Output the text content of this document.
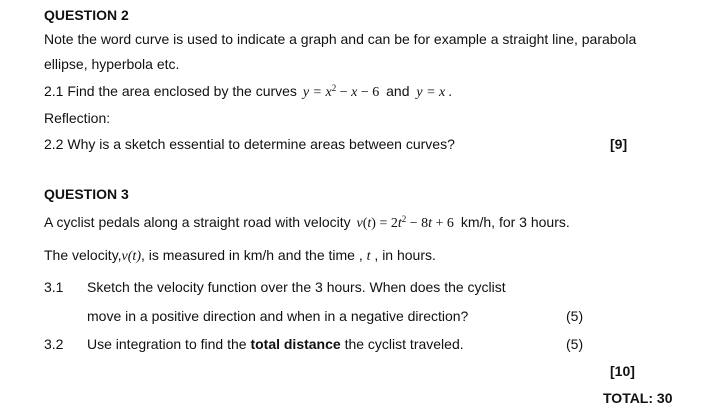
QUESTION 2
Note the word curve is used to indicate a graph and can be for example a straight line, parabola
ellipse, hyperbola etc.
2.1 Find the area enclosed by the curves $y = x^2 - x - 6$ and y = x .
Reflection:
2.2 Why is a sketch essential to determine areas between curves?	[9]
QUESTION 3
A cyclist pedals along a straight road with velocity $v(t) = 2t^2 - 8t + 6$ km/h, for 3 hours.
The velocity,v(t), is measured in km/h and the time , t , in hours.
3.1 Sketch the velocity function over the 3 hours. When does the cyclist
move in a positive direction and when in a negative direction?	(5)
3.2 Use integration to find the total distance the cyclist traveled.	(5)
[10]
TOTAL: 30
